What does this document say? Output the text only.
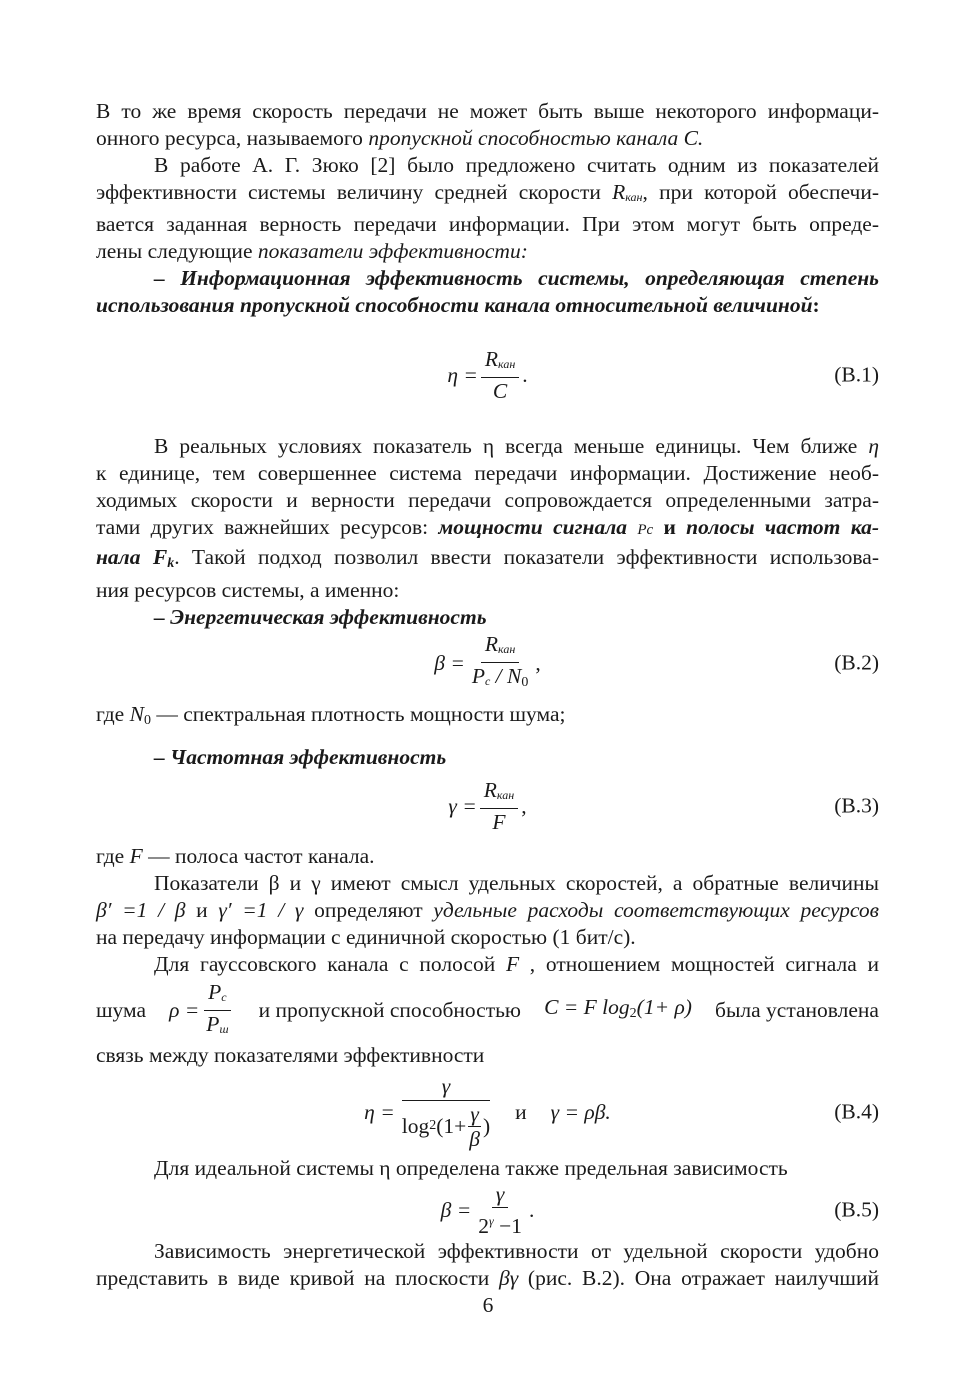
В то же время скорость передачи не может быть выше некоторого информаци-
онного ресурса, называемого пропускной способностью канала С.

В работе А. Г. Зюко [2] было предложено считать одним из показателей
эффективности системы величину средней скорости Rкан, при которой обеспечи-
вается заданная верность передачи информации. При этом могут быть опреде-
лены следующие показатели эффективности:

– Информационная эффективность системы, определяющая степень
использования пропускной способности канала относительной величиной:

$\eta = \frac{\text{Rкан}}{C}$ .	(В.1)

В реальных условиях показатель η всегда меньше единицы. Чем ближе η
к единице, тем совершеннее система передачи информации. Достижение необ-
ходимых скорости и верности передачи сопровождается определенными затра-
тами других важнейших ресурсов: мощности сигнала Pc и полосы частот ка-
нала Fk. Такой подход позволил ввести показатели эффективности использова-
ния ресурсов системы, а именно:

– Энергетическая эффективность

$\beta = \frac{\text{Rкан}}{Pc / N0}$ ,	(В.2)

где N0 — спектральная плотность мощности шума;

– Частотная эффективность

$\gamma = \frac{\text{Rкан}}{F}$ ,	(В.3)

где F — полоса частот канала.

Показатели β и γ имеют смысл удельных скоростей, а обратные величины
β′ =1 / β и γ′ =1 / γ определяют удельные расходы соответствующих ресурсов
на передачу информации с единичной скоростью (1 бит/с).

Для гауссовского канала с полосой F , отношением мощностей сигнала и
шума $\rho = \frac{Pc}{Pш}$ и пропускной способностью C = F log2(1+ ρ) была установлена
связь между показателями эффективности

η =
γ
log 2 ($1+ \frac{\gamma}{\beta}$ )
и γ = ρβ.	(В.4)

Для идеальной системы η определена также предельная зависимость

$\beta = \frac{\gamma}{2^\gamma -1}$ .	(В.5)

Зависимость энергетической эффективности от удельной скорости удобно
представить в виде кривой на плоскости βγ (рис. В.2). Она отражает наилучший

6
